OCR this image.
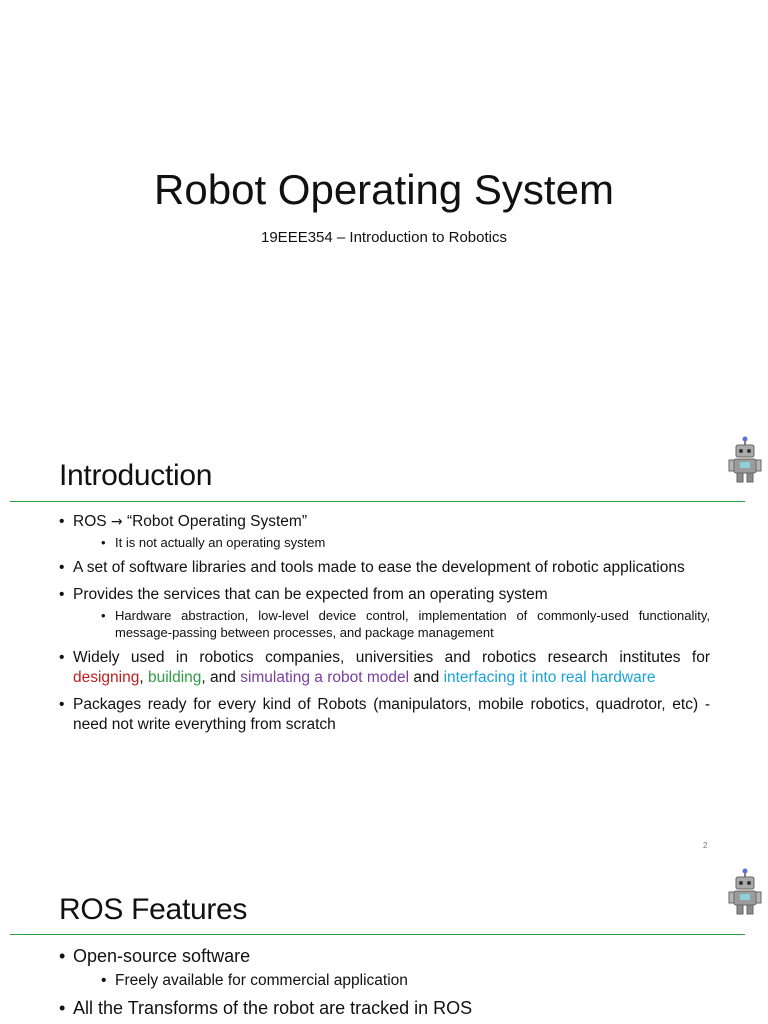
Robot Operating System
19EEE354 – Introduction to Robotics
Introduction
• ROS → “Robot Operating System”
• It is not actually an operating system
• A set of software libraries and tools made to ease the development of robotic applications
• Provides the services that can be expected from an operating system
• Hardware abstraction, low-level device control, implementation of commonly-used functionality, message-passing between processes, and package management
• Widely used in robotics companies, universities and robotics research institutes for designing, building, and simulating a robot model and interfacing it into real hardware
• Packages ready for every kind of Robots (manipulators, mobile robotics, quadrotor, etc) - need not write everything from scratch
2
ROS Features
• Open-source software
• Freely available for commercial application
• All the Transforms of the robot are tracked in ROS
